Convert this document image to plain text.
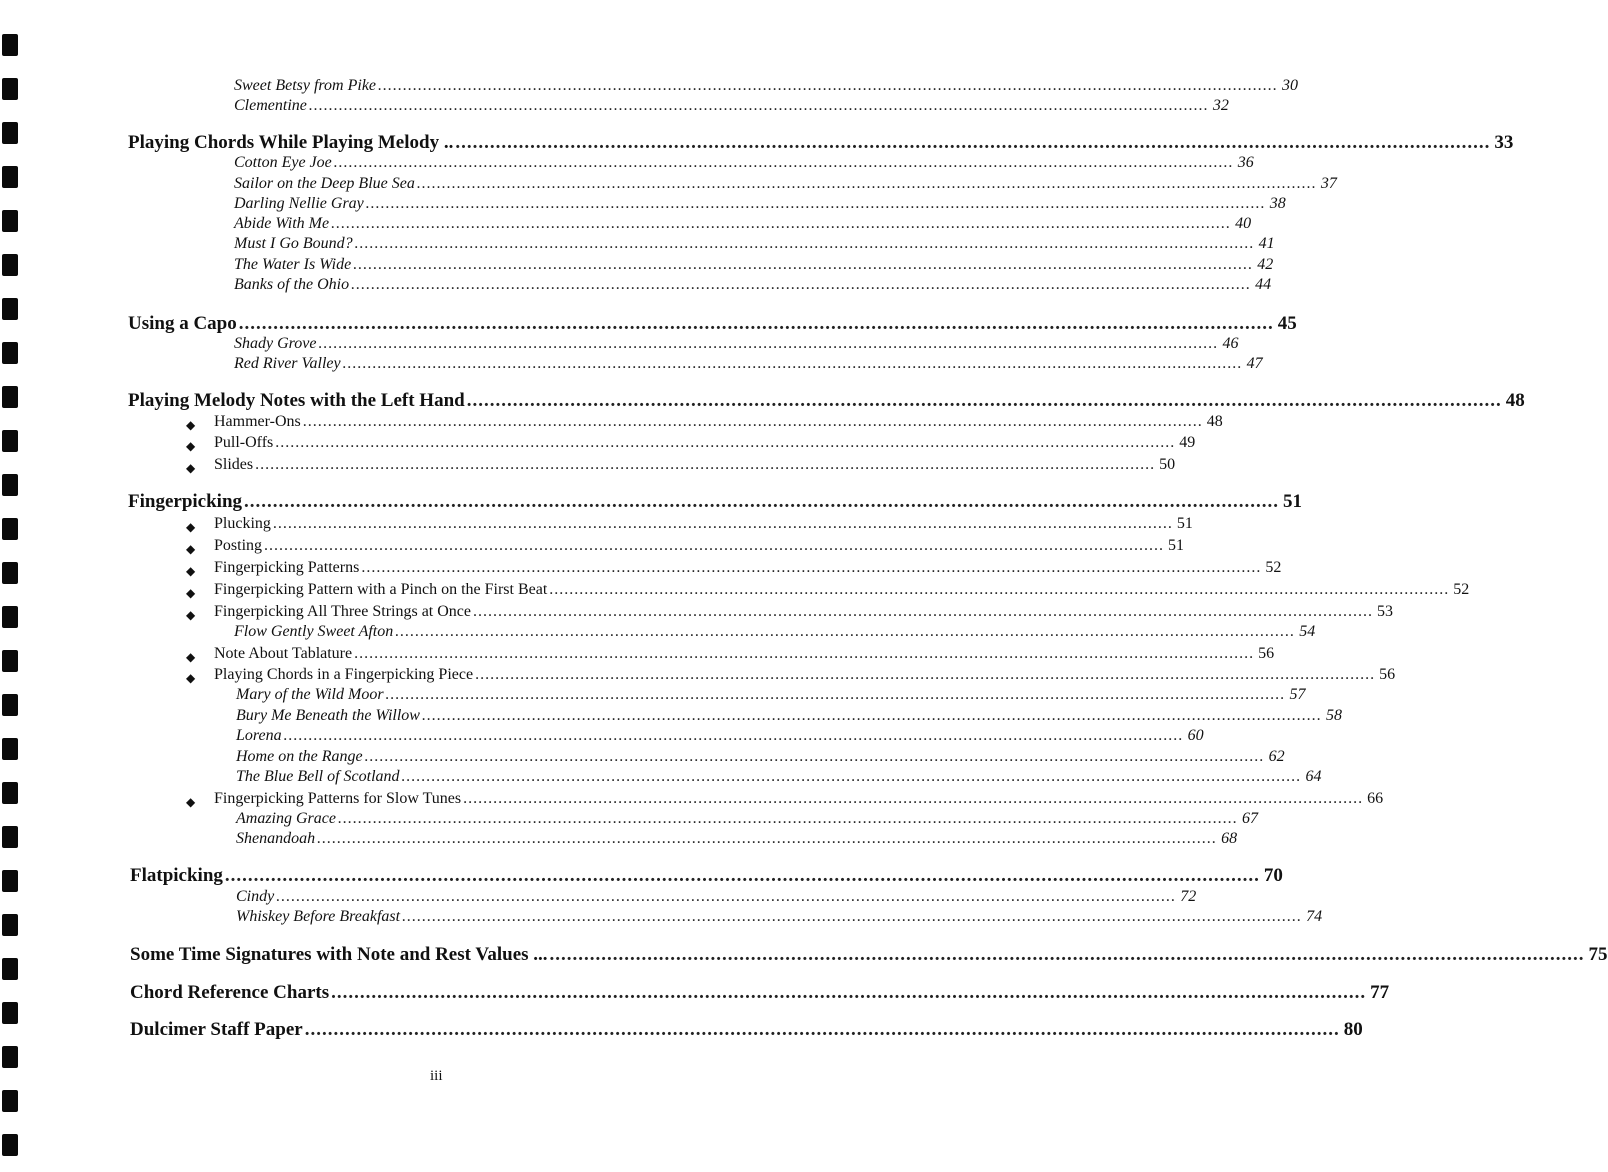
Sweet Betsy from Pike .................................................................................................................................................................................... 30
Clementine .................................................................................................................................................................................... 32
Playing Chords While Playing Melody .. .................................................................................................................................................................................... 33
Cotton Eye Joe .................................................................................................................................................................................... 36
Sailor on the Deep Blue Sea .................................................................................................................................................................................... 37
Darling Nellie Gray .................................................................................................................................................................................... 38
Abide With Me .................................................................................................................................................................................... 40
Must I Go Bound? .................................................................................................................................................................................... 41
The Water Is Wide .................................................................................................................................................................................... 42
Banks of the Ohio .................................................................................................................................................................................... 44
Using a Capo .................................................................................................................................................................................... 45
Shady Grove .................................................................................................................................................................................... 46
Red River Valley .................................................................................................................................................................................... 47
Playing Melody Notes with the Left Hand .................................................................................................................................................................................... 48
◆ Hammer-Ons .................................................................................................................................................................................... 48
◆ Pull-Offs .................................................................................................................................................................................... 49
◆ Slides .................................................................................................................................................................................... 50
Fingerpicking .................................................................................................................................................................................... 51
◆ Plucking .................................................................................................................................................................................... 51
◆ Posting .................................................................................................................................................................................... 51
◆ Fingerpicking Patterns .................................................................................................................................................................................... 52
◆ Fingerpicking Pattern with a Pinch on the First Beat .................................................................................................................................................................................... 52
◆ Fingerpicking All Three Strings at Once .................................................................................................................................................................................... 53
Flow Gently Sweet Afton .................................................................................................................................................................................... 54
◆ Note About Tablature .................................................................................................................................................................................... 56
◆ Playing Chords in a Fingerpicking Piece .................................................................................................................................................................................... 56
Mary of the Wild Moor .................................................................................................................................................................................... 57
Bury Me Beneath the Willow .................................................................................................................................................................................... 58
Lorena .................................................................................................................................................................................... 60
Home on the Range .................................................................................................................................................................................... 62
The Blue Bell of Scotland .................................................................................................................................................................................... 64
◆ Fingerpicking Patterns for Slow Tunes .................................................................................................................................................................................... 66
Amazing Grace .................................................................................................................................................................................... 67
Shenandoah .................................................................................................................................................................................... 68
Flatpicking .................................................................................................................................................................................... 70
Cindy .................................................................................................................................................................................... 72
Whiskey Before Breakfast .................................................................................................................................................................................... 74
Some Time Signatures with Note and Rest Values ... .................................................................................................................................................................................... 75
Chord Reference Charts .................................................................................................................................................................................... 77
Dulcimer Staff Paper .................................................................................................................................................................................... 80
iii
